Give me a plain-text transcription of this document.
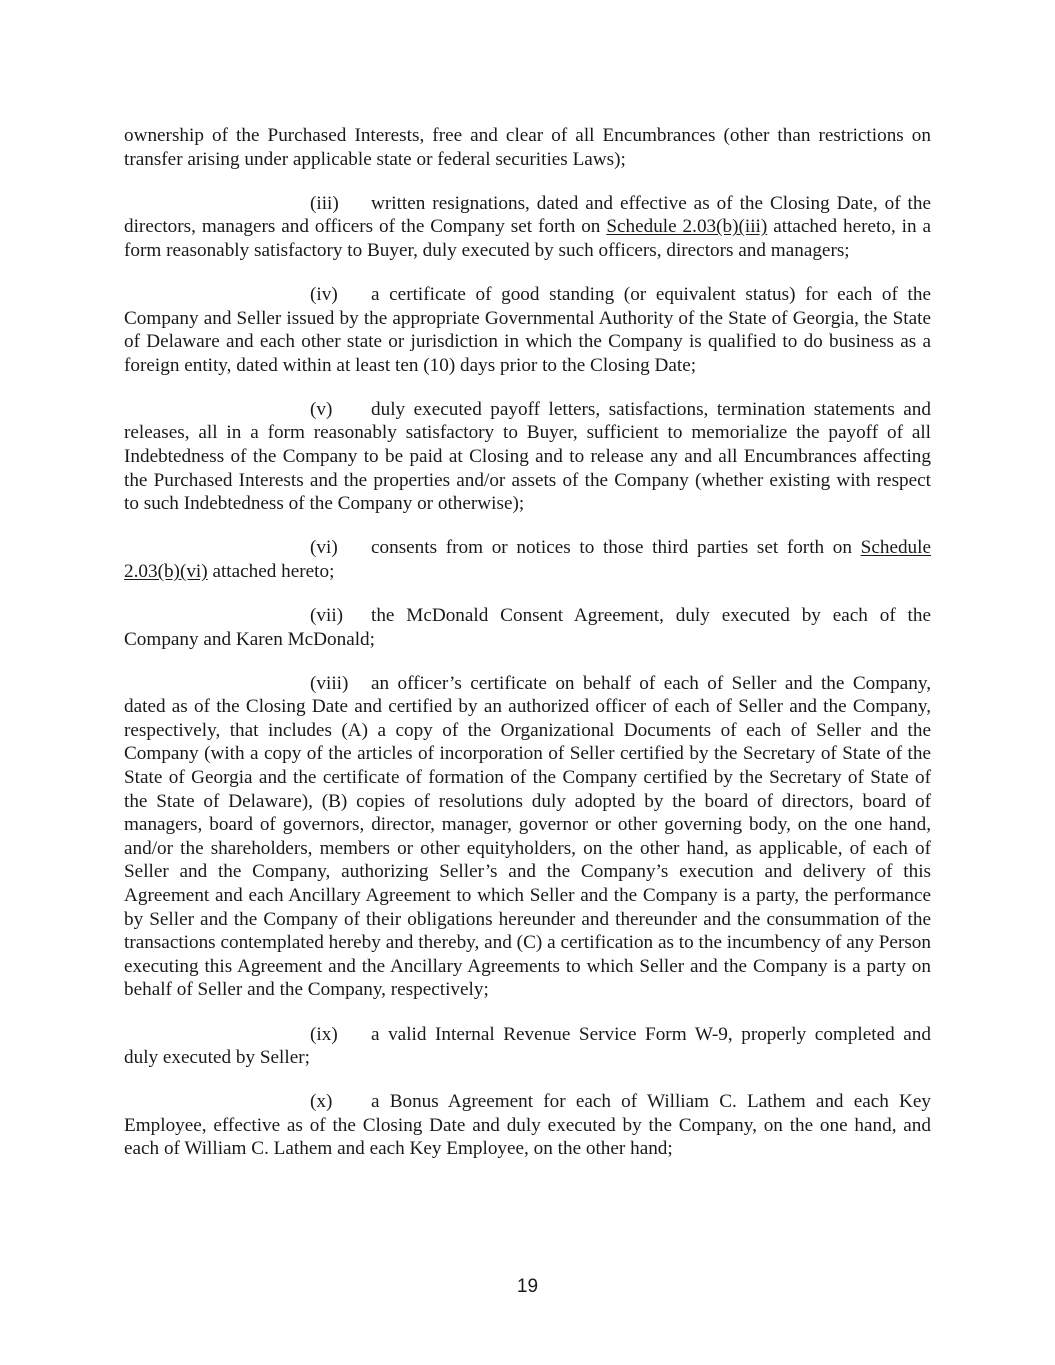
ownership of the Purchased Interests, free and clear of all Encumbrances (other than restrictions on transfer arising under applicable state or federal securities Laws);

(iii) written resignations, dated and effective as of the Closing Date, of the directors, managers and officers of the Company set forth on Schedule 2.03(b)(iii) attached hereto, in a form reasonably satisfactory to Buyer, duly executed by such officers, directors and managers;

(iv) a certificate of good standing (or equivalent status) for each of the Company and Seller issued by the appropriate Governmental Authority of the State of Georgia, the State of Delaware and each other state or jurisdiction in which the Company is qualified to do business as a foreign entity, dated within at least ten (10) days prior to the Closing Date;

(v) duly executed payoff letters, satisfactions, termination statements and releases, all in a form reasonably satisfactory to Buyer, sufficient to memorialize the payoff of all Indebtedness of the Company to be paid at Closing and to release any and all Encumbrances affecting the Purchased Interests and the properties and/or assets of the Company (whether existing with respect to such Indebtedness of the Company or otherwise);

(vi) consents from or notices to those third parties set forth on Schedule 2.03(b)(vi) attached hereto;

(vii) the McDonald Consent Agreement, duly executed by each of the Company and Karen McDonald;

(viii) an officer’s certificate on behalf of each of Seller and the Company, dated as of the Closing Date and certified by an authorized officer of each of Seller and the Company, respectively, that includes (A) a copy of the Organizational Documents of each of Seller and the Company (with a copy of the articles of incorporation of Seller certified by the Secretary of State of the State of Georgia and the certificate of formation of the Company certified by the Secretary of State of the State of Delaware), (B) copies of resolutions duly adopted by the board of directors, board of managers, board of governors, director, manager, governor or other governing body, on the one hand, and/or the shareholders, members or other equityholders, on the other hand, as applicable, of each of Seller and the Company, authorizing Seller’s and the Company’s execution and delivery of this Agreement and each Ancillary Agreement to which Seller and the Company is a party, the performance by Seller and the Company of their obligations hereunder and thereunder and the consummation of the transactions contemplated hereby and thereby, and (C) a certification as to the incumbency of any Person executing this Agreement and the Ancillary Agreements to which Seller and the Company is a party on behalf of Seller and the Company, respectively;

(ix) a valid Internal Revenue Service Form W-9, properly completed and duly executed by Seller;

(x) a Bonus Agreement for each of William C. Lathem and each Key Employee, effective as of the Closing Date and duly executed by the Company, on the one hand, and each of William C. Lathem and each Key Employee, on the other hand;

19
